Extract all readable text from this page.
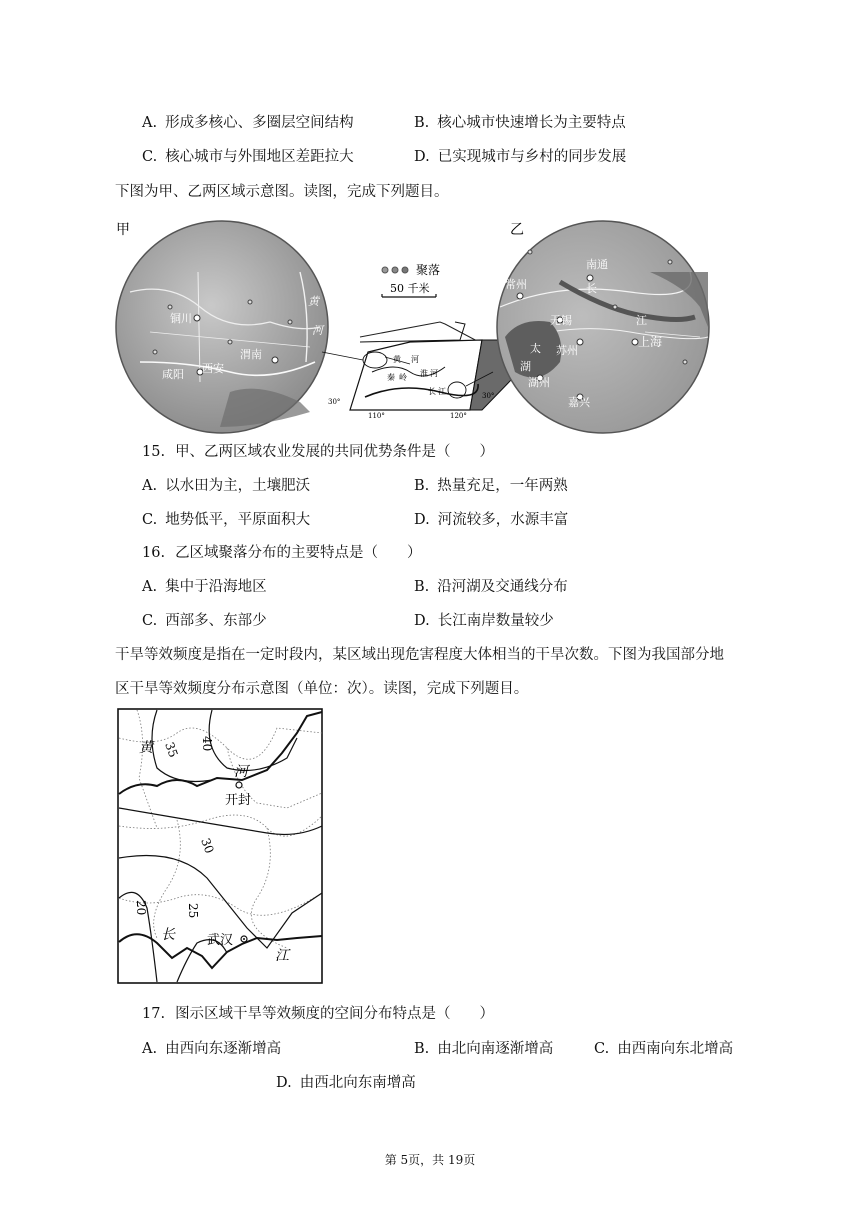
A. 形成多核心、多圈层空间结构	B. 核心城市快速增长为主要特点
C. 核心城市与外围地区差距拉大	D. 已实现城市与乡村的同步发展
下图为甲、乙两区域示意图。读图，完成下列题目。
铜川
咸阳 西安
渭南
黄
河
甲
聚落
50 千米
黄 河
秦 岭 淮 河
长 江
30°
110°	120°
30°
常州
南通
无锡
苏州
上海
湖州
嘉兴
长
江
太
湖
乙
15. 甲、乙两区域农业发展的共同优势条件是（　　）
A. 以水田为主，土壤肥沃	B. 热量充足，一年两熟
C. 地势低平，平原面积大	D. 河流较多，水源丰富
16. 乙区域聚落分布的主要特点是（　　）
A. 集中于沿海地区	B. 沿河湖及交通线分布
C. 西部多、东部少	D. 长江南岸数量较少
干旱等效频度是指在一定时段内，某区域出现危害程度大体相当的干旱次数。下图为我国部分地
区干旱等效频度分布示意图（单位：次）。读图，完成下列题目。
35 40
30
25
20
黄
河
长
江
开封
武汉
17. 图示区域干旱等效频度的空间分布特点是（　　）
A. 由西向东逐渐增高	B. 由北向南逐渐增高	C. 由西南向东北增高
D. 由西北向东南增高
第 5页，共 19页
